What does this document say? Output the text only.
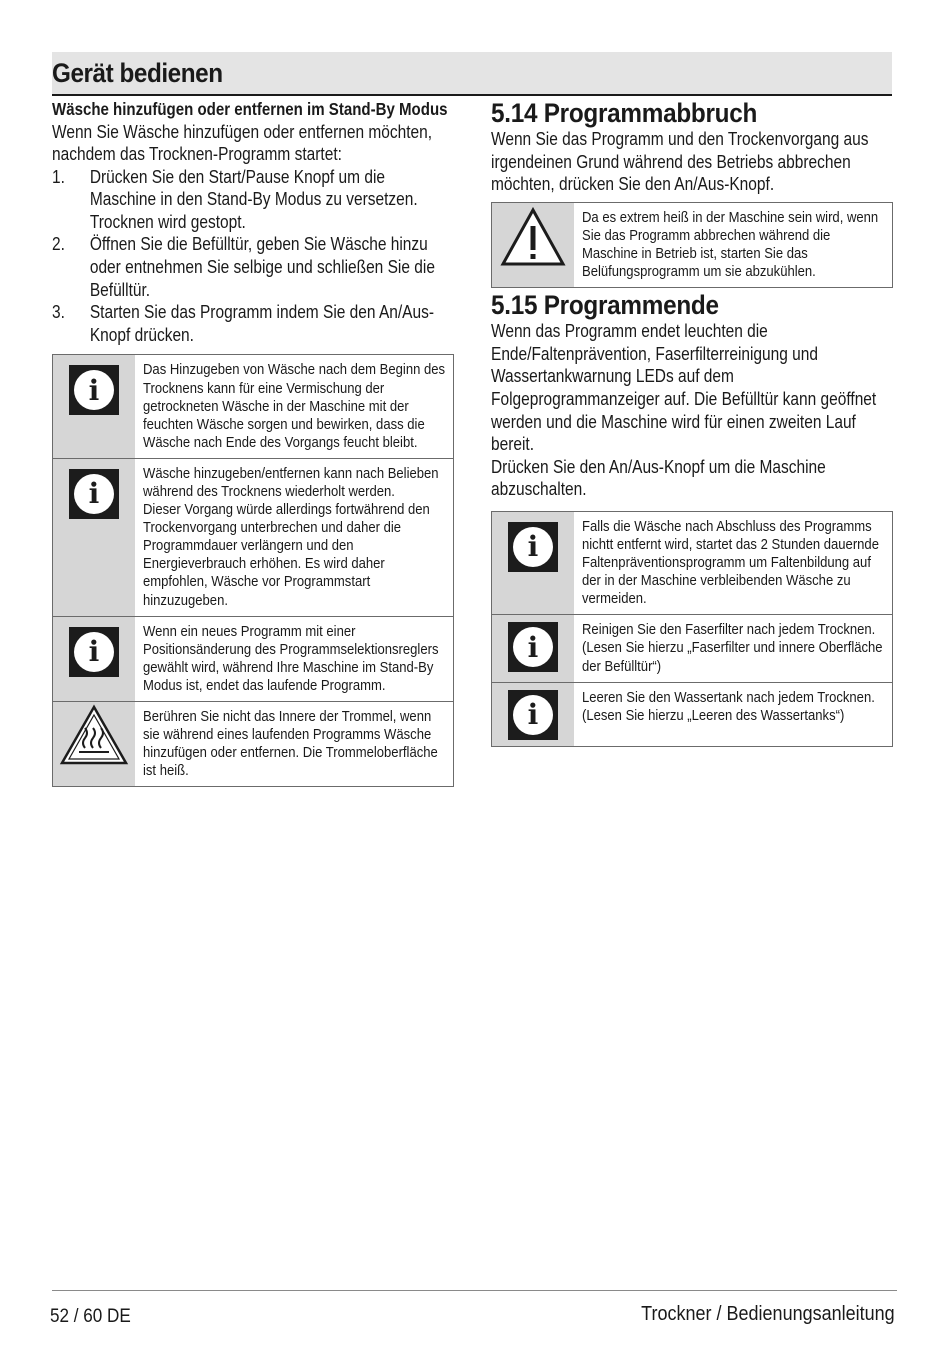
Gerät bedienen

Wäsche hinzufügen oder entfernen im Stand-By Modus

Wenn Sie Wäsche hinzufügen oder entfernen möchten, nachdem das Trocknen-Programm startet:

1.	Drücken Sie den Start/Pause Knopf um die Maschine in den Stand-By Modus zu versetzen. Trocknen wird gestopt.
2.	Öffnen Sie die Befülltür, geben Sie Wäsche hinzu oder entnehmen Sie selbige und schließen Sie die Befülltür.
3.	Starten Sie das Programm indem Sie den An/Aus-Knopf drücken.
i
Das Hinzugeben von Wäsche nach dem Beginn des Trocknens kann für eine Vermischung der getrockneten Wäsche in der Maschine mit der feuchten Wäsche sorgen und bewirken, dass die Wäsche nach Ende des Vorgangs feucht bleibt.
i
Wäsche hinzugeben/entfernen kann nach Belieben während des Trocknens wiederholt werden.
Dieser Vorgang würde allerdings fortwährend den Trockenvorgang unterbrechen und daher die Programmdauer verlängern und den Energieverbrauch erhöhen. Es wird daher empfohlen, Wäsche vor Programmstart hinzuzugeben.
i
Wenn ein neues Programm mit einer Positionsänderung des Programmselektionsreglers gewählt wird, während Ihre Maschine im Stand-By Modus ist, endet das laufende Programm.
Berühren Sie nicht das Innere der Trommel, wenn sie während eines laufenden Programms Wäsche hinzufügen oder entfernen. Die Trommeloberfläche ist heiß.
5.14 Programmabbruch

Wenn Sie das Programm und den Trockenvorgang aus irgendeinen Grund während des Betriebs abbrechen möchten, drücken Sie den An/Aus-Knopf.

Da es extrem heiß in der Maschine sein wird, wenn Sie das Programm abbrechen während die Maschine in Betrieb ist, starten Sie das Belüfungsprogramm um sie abzukühlen.
5.15 Programmende

Wenn das Programm endet leuchten die Ende/Faltenprävention, Faserfilterreinigung und Wassertankwarnung LEDs auf dem Folgeprogrammanzeiger auf. Die Befülltür kann geöffnet werden und die Maschine wird für einen zweiten Lauf bereit.

Drücken Sie den An/Aus-Knopf um die Maschine abzuschalten.

i
Falls die Wäsche nach Abschluss des Programms nichtt entfernt wird, startet das 2 Stunden dauernde Faltenpräventionsprogramm um Faltenbildung auf der in der Maschine verbleibenden Wäsche zu vermeiden.
i
Reinigen Sie den Faserfilter nach jedem Trocknen. (Lesen Sie hierzu „Faserfilter und innere Oberfläche der Befülltür“)
i
Leeren Sie den Wassertank nach jedem Trocknen. (Lesen Sie hierzu „Leeren des Wassertanks“)
52 / 60 DE	Trockner / Bedienungsanleitung
